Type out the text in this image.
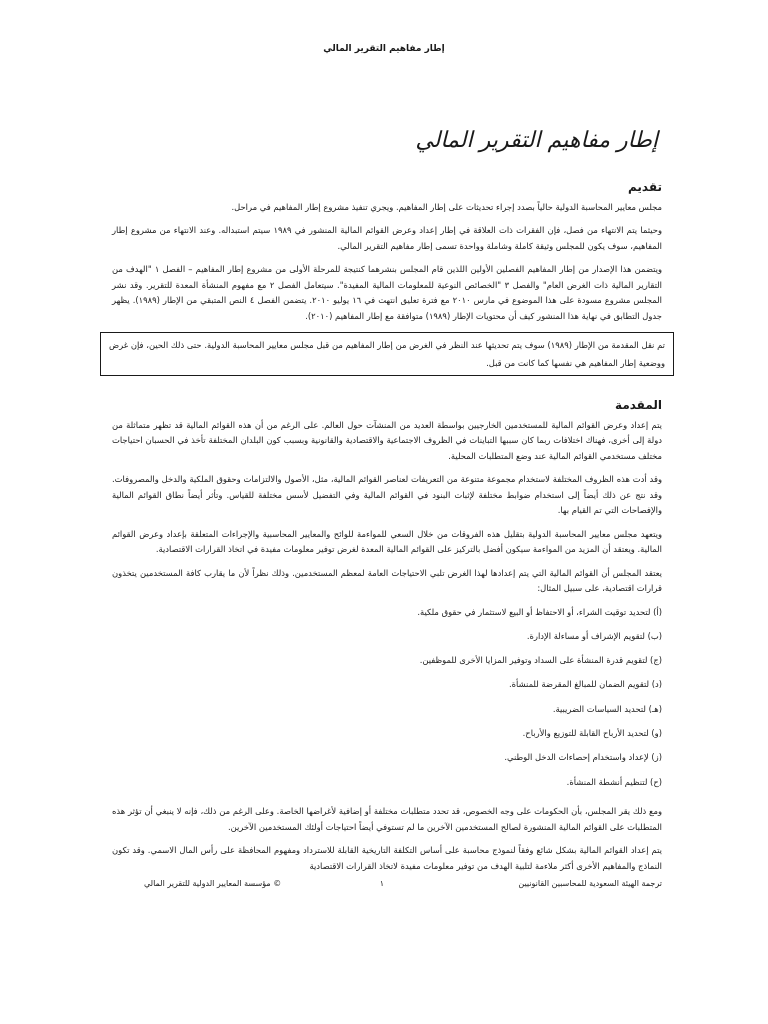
إطار مفاهيم التقرير المالي
إطار مفاهيم التقرير المالي
تقديم

مجلس معايير المحاسبة الدولية حالياً بصدد إجراء تحديثات على إطار المفاهيم. ويجري تنفيذ مشروع إطار المفاهيم في مراحل.

وحيثما يتم الانتهاء من فصل، فإن الفقرات ذات العلاقة في إطار إعداد وعرض القوائم المالية المنشور في ١٩٨٩ سيتم استبداله. وعند الانتهاء من مشروع إطار المفاهيم، سوف يكون للمجلس وثيقة كاملة وشاملة وواحدة تسمى إطار مفاهيم التقرير المالي.

ويتضمن هذا الإصدار من إطار المفاهيم الفصلين الأولين اللذين قام المجلس بنشرهما كنتيجة للمرحلة الأولى من مشروع إطار المفاهيم – الفصل ١ "الهدف من التقارير المالية ذات الغرض العام" والفصل ٣ "الخصائص النوعية للمعلومات المالية المفيدة". سيتعامل الفصل ٢ مع مفهوم المنشأة المعدة للتقرير. وقد نشر المجلس مشروع مسودة على هذا الموضوع في مارس ٢٠١٠ مع فترة تعليق انتهت في ١٦ يوليو ٢٠١٠. يتضمن الفصل ٤ النص المتبقي من الإطار (١٩٨٩). يظهر جدول التطابق في نهاية هذا المنشور كيف أن محتويات الإطار (١٩٨٩) متوافقة مع إطار المفاهيم (٢٠١٠).

تم نقل المقدمة من الإطار (١٩٨٩) سوف يتم تحديثها عند النظر في الغرض من إطار المفاهيم من قبل مجلس معايير المحاسبة الدولية. حتى ذلك الحين، فإن غرض ووضعية إطار المفاهيم هي نفسها كما كانت من قبل.
المقدمة

يتم إعداد وعرض القوائم المالية للمستخدمين الخارجيين بواسطة العديد من المنشآت حول العالم. على الرغم من أن هذه القوائم المالية قد تظهر متماثلة من دولة إلى أخرى، فهناك اختلافات ربما كان سببها التباينات في الظروف الاجتماعية والاقتصادية والقانونية وبسبب كون البلدان المختلفة تأخذ في الحسبان احتياجات مختلف مستخدمي القوائم المالية عند وضع المتطلبات المحلية.

وقد أدت هذه الظروف المختلفة لاستخدام مجموعة متنوعة من التعريفات لعناصر القوائم المالية، مثل، الأصول والالتزامات وحقوق الملكية والدخل والمصروفات. وقد نتج عن ذلك أيضاً إلى استخدام ضوابط مختلفة لإثبات البنود في القوائم المالية وفي التفضيل لأسس مختلفة للقياس. وتأثر أيضاً نطاق القوائم المالية والإفصاحات التي تم القيام بها.

ويتعهد مجلس معايير المحاسبة الدولية بتقليل هذه الفروقات من خلال السعي للمواءمة للوائح والمعايير المحاسبية والإجراءات المتعلقة بإعداد وعرض القوائم المالية. ويعتقد أن المزيد من المواءمة سيكون أفضل بالتركيز على القوائم المالية المعدة لغرض توفير معلومات مفيدة في اتخاذ القرارات الاقتصادية.

يعتقد المجلس أن القوائم المالية التي يتم إعدادها لهذا الغرض تلبي الاحتياجات العامة لمعظم المستخدمين. وذلك نظراً لأن ما يقارب كافة المستخدمين يتخذون قرارات اقتصادية، على سبيل المثال:

(أ) لتحديد توقيت الشراء، أو الاحتفاظ أو البيع لاستثمار في حقوق ملكية.
(ب) لتقويم الإشراف أو مساءلة الإدارة.
(ج) لتقويم قدرة المنشأة على السداد وتوفير المزايا الأخرى للموظفين.
(د) لتقويم الضمان للمبالغ المقرضة للمنشأة.
(هـ) لتحديد السياسات الضريبية.
(و) لتحديد الأرباح القابلة للتوزيع والأرباح.
(ز) لإعداد واستخدام إحصاءات الدخل الوطني.
(ح) لتنظيم أنشطة المنشأة.

ومع ذلك يقر المجلس، بأن الحكومات على وجه الخصوص، قد تحدد متطلبات مختلفة أو إضافية لأغراضها الخاصة. وعلى الرغم من ذلك، فإنه لا ينبغي أن تؤثر هذه المتطلبات على القوائم المالية المنشورة لصالح المستخدمين الآخرين ما لم تستوفي أيضاً احتياجات أولئك المستخدمين الآخرين.

يتم إعداد القوائم المالية بشكل شائع وفقاً لنموذج محاسبة على أساس التكلفة التاريخية القابلة للاسترداد ومفهوم المحافظة على رأس المال الاسمي. وقد تكون النماذج والمفاهيم الأخرى أكثر ملاءمة لتلبية الهدف من توفير معلومات مفيدة لاتخاذ القرارات الاقتصادية

ترجمة الهيئة السعودية للمحاسبين القانونيين
١
© مؤسسة المعايير الدولية للتقرير المالي
